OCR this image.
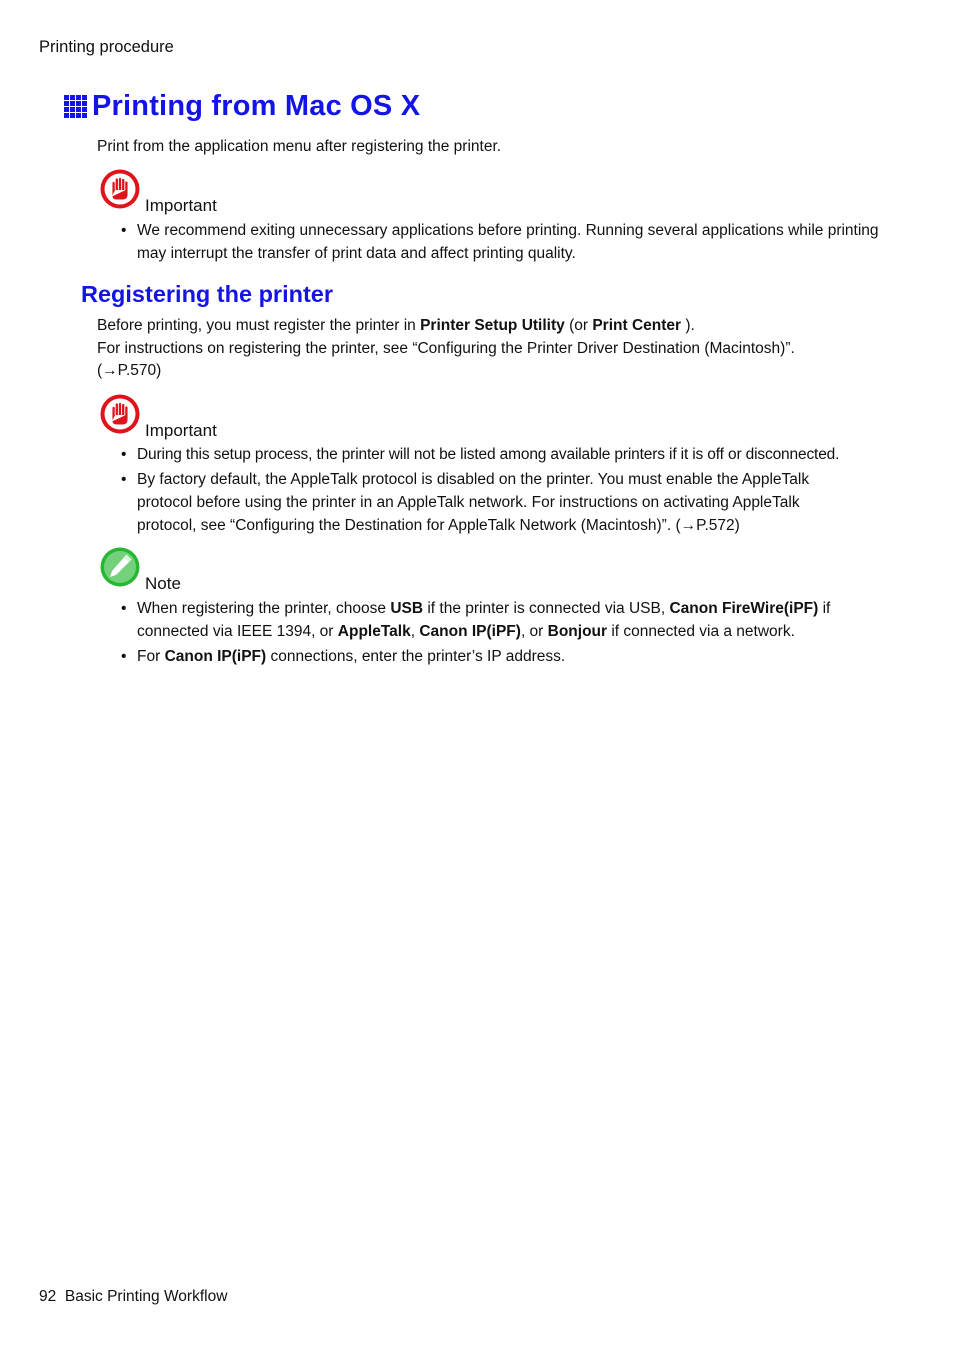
Printing procedure
Printing from Mac OS X
Print from the application menu after registering the printer.
Important
• We recommend exiting unnecessary applications before printing. Running several applications while printing may interrupt the transfer of print data and affect printing quality.
Registering the printer
Before printing, you must register the printer in Printer Setup Utility (or Print Center ).
For instructions on registering the printer, see “Configuring the Printer Driver Destination (Macintosh)”.
(→P.570)
Important
• During this setup process, the printer will not be listed among available printers if it is off or disconnected.
• By factory default, the AppleTalk protocol is disabled on the printer. You must enable the AppleTalk protocol before using the printer in an AppleTalk network. For instructions on activating AppleTalk protocol, see “Configuring the Destination for AppleTalk Network (Macintosh)”. (→P.572)
Note
• When registering the printer, choose USB if the printer is connected via USB, Canon FireWire(iPF) if connected via IEEE 1394, or AppleTalk, Canon IP(iPF), or Bonjour if connected via a network.
• For Canon IP(iPF) connections, enter the printer’s IP address.
92 Basic Printing Workflow
